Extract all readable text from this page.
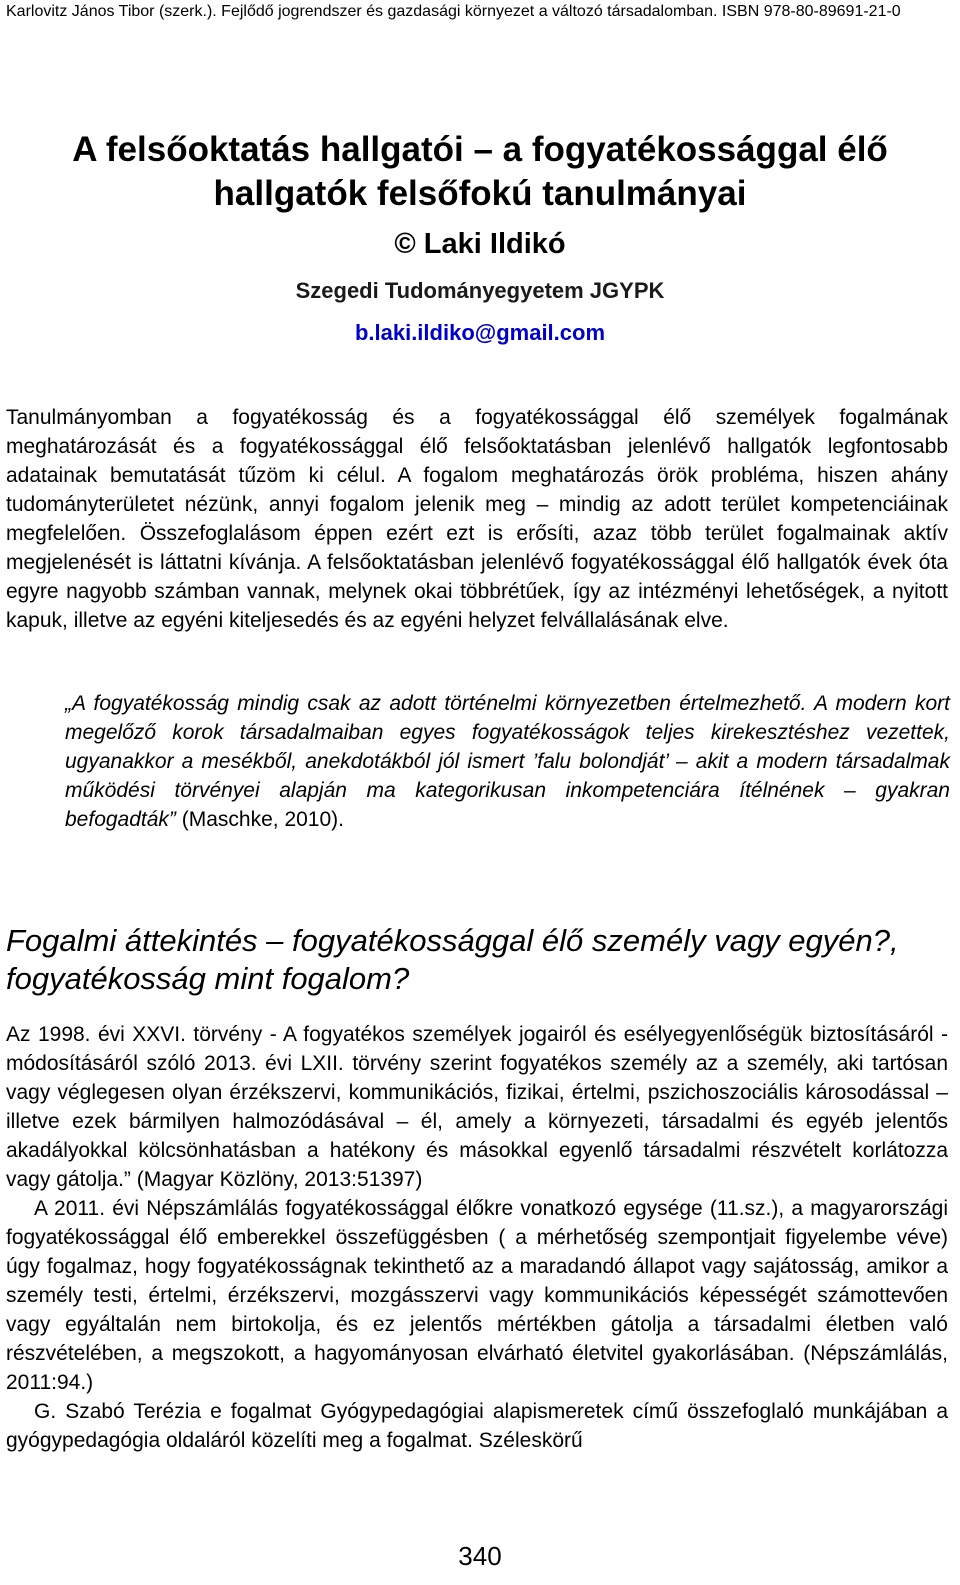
Karlovitz János Tibor (szerk.). Fejlődő jogrendszer és gazdasági környezet a változó társadalomban. ISBN 978-80-89691-21-0
A felsőoktatás hallgatói – a fogyatékossággal élő hallgatók felsőfokú tanulmányai
© Laki Ildikó
Szegedi Tudományegyetem JGYPK
b.laki.ildiko@gmail.com

Tanulmányomban a fogyatékosság és a fogyatékossággal élő személyek fogalmának meghatározását és a fogyatékossággal élő felsőoktatásban jelenlévő hallgatók legfontosabb adatainak bemutatását tűzöm ki célul. A fogalom meghatározás örök probléma, hiszen ahány tudományterületet nézünk, annyi fogalom jelenik meg – mindig az adott terület kompetenciáinak megfelelően. Összefoglalásom éppen ezért ezt is erősíti, azaz több terület fogalmainak aktív megjelenését is láttatni kívánja. A felsőoktatásban jelenlévő fogyatékossággal élő hallgatók évek óta egyre nagyobb számban vannak, melynek okai többrétűek, így az intézményi lehetőségek, a nyitott kapuk, illetve az egyéni kiteljesedés és az egyéni helyzet felvállalásának elve.

„A fogyatékosság mindig csak az adott történelmi környezetben értelmezhető. A modern kort megelőző korok társadalmaiban egyes fogyatékosságok teljes kirekesztéshez vezettek, ugyanakkor a mesékből, anekdotákból jól ismert ’falu bolondját’ – akit a modern társadalmak működési törvényei alapján ma kategorikusan inkompetenciára ítélnének – gyakran befogadták” (Maschke, 2010).

Fogalmi áttekintés – fogyatékossággal élő személy vagy egyén?, fogyatékosság mint fogalom?

Az 1998. évi XXVI. törvény - A fogyatékos személyek jogairól és esélyegyenlőségük biztosításáról - módosításáról szóló 2013. évi LXII. törvény szerint fogyatékos személy az a személy, aki tartósan vagy véglegesen olyan érzékszervi, kommunikációs, fizikai, értelmi, pszichoszociális károsodással – illetve ezek bármilyen halmozódásával – él, amely a környezeti, társadalmi és egyéb jelentős akadályokkal kölcsönhatásban a hatékony és másokkal egyenlő társadalmi részvételt korlátozza vagy gátolja.” (Magyar Közlöny, 2013:51397)

A 2011. évi Népszámlálás fogyatékossággal élőkre vonatkozó egysége (11.sz.), a magyarországi fogyatékossággal élő emberekkel összefüggésben ( a mérhetőség szempontjait figyelembe véve) úgy fogalmaz, hogy fogyatékosságnak tekinthető az a maradandó állapot vagy sajátosság, amikor a személy testi, értelmi, érzékszervi, mozgásszervi vagy kommunikációs képességét számottevően vagy egyáltalán nem birtokolja, és ez jelentős mértékben gátolja a társadalmi életben való részvételében, a megszokott, a hagyományosan elvárható életvitel gyakorlásában. (Népszámlálás, 2011:94.)

G. Szabó Terézia e fogalmat Gyógypedagógiai alapismeretek című összefoglaló munkájában a gyógypedagógia oldaláról közelíti meg a fogalmat. Széleskörű

340
